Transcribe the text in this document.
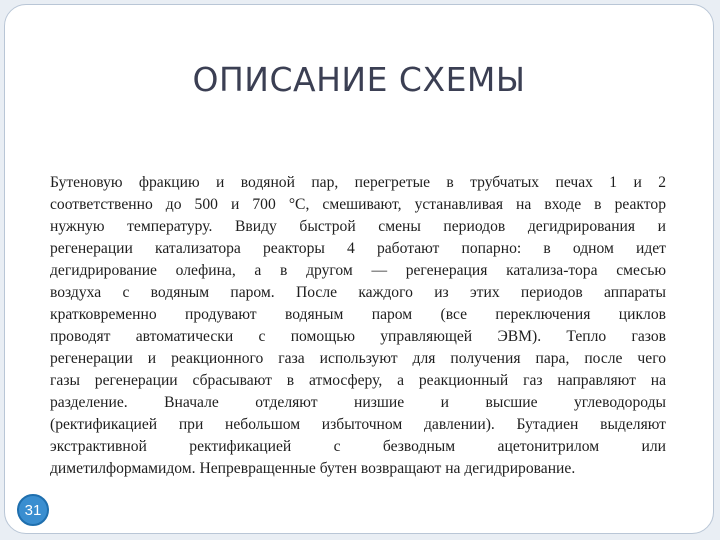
ОПИСАНИЕ СХЕМЫ
Бутеновую фракцию и водяной пар, перегретые в трубчатых печах 1 и 2
соответственно до 500 и 700 °С, смешивают, устанавливая на входе в реактор
нужную температуру. Ввиду быстрой смены периодов дегидрирования и
регенерации катализатора реакторы 4 работают попарно: в одном идет
дегидрирование олефина, а в другом — регенерация катализа-тора смесью
воздуха с водяным паром. После каждого из этих периодов аппараты
кратковременно продувают водяным паром (все переключения циклов
проводят автоматически с помощью управляющей ЭВМ). Тепло газов
регенерации и реакционного газа используют для получения пара, после чего
газы регенерации сбрасывают в атмосферу, а реакционный газ направляют на
разделение. Вначале отделяют низшие и высшие углеводороды
(ректификацией при небольшом избыточном давлении). Бутадиен выделяют
экстрактивной ректификацией с безводным ацетонитрилом или
диметилформамидом. Непревращенные бутен возвращают на дегидрирование.
31
